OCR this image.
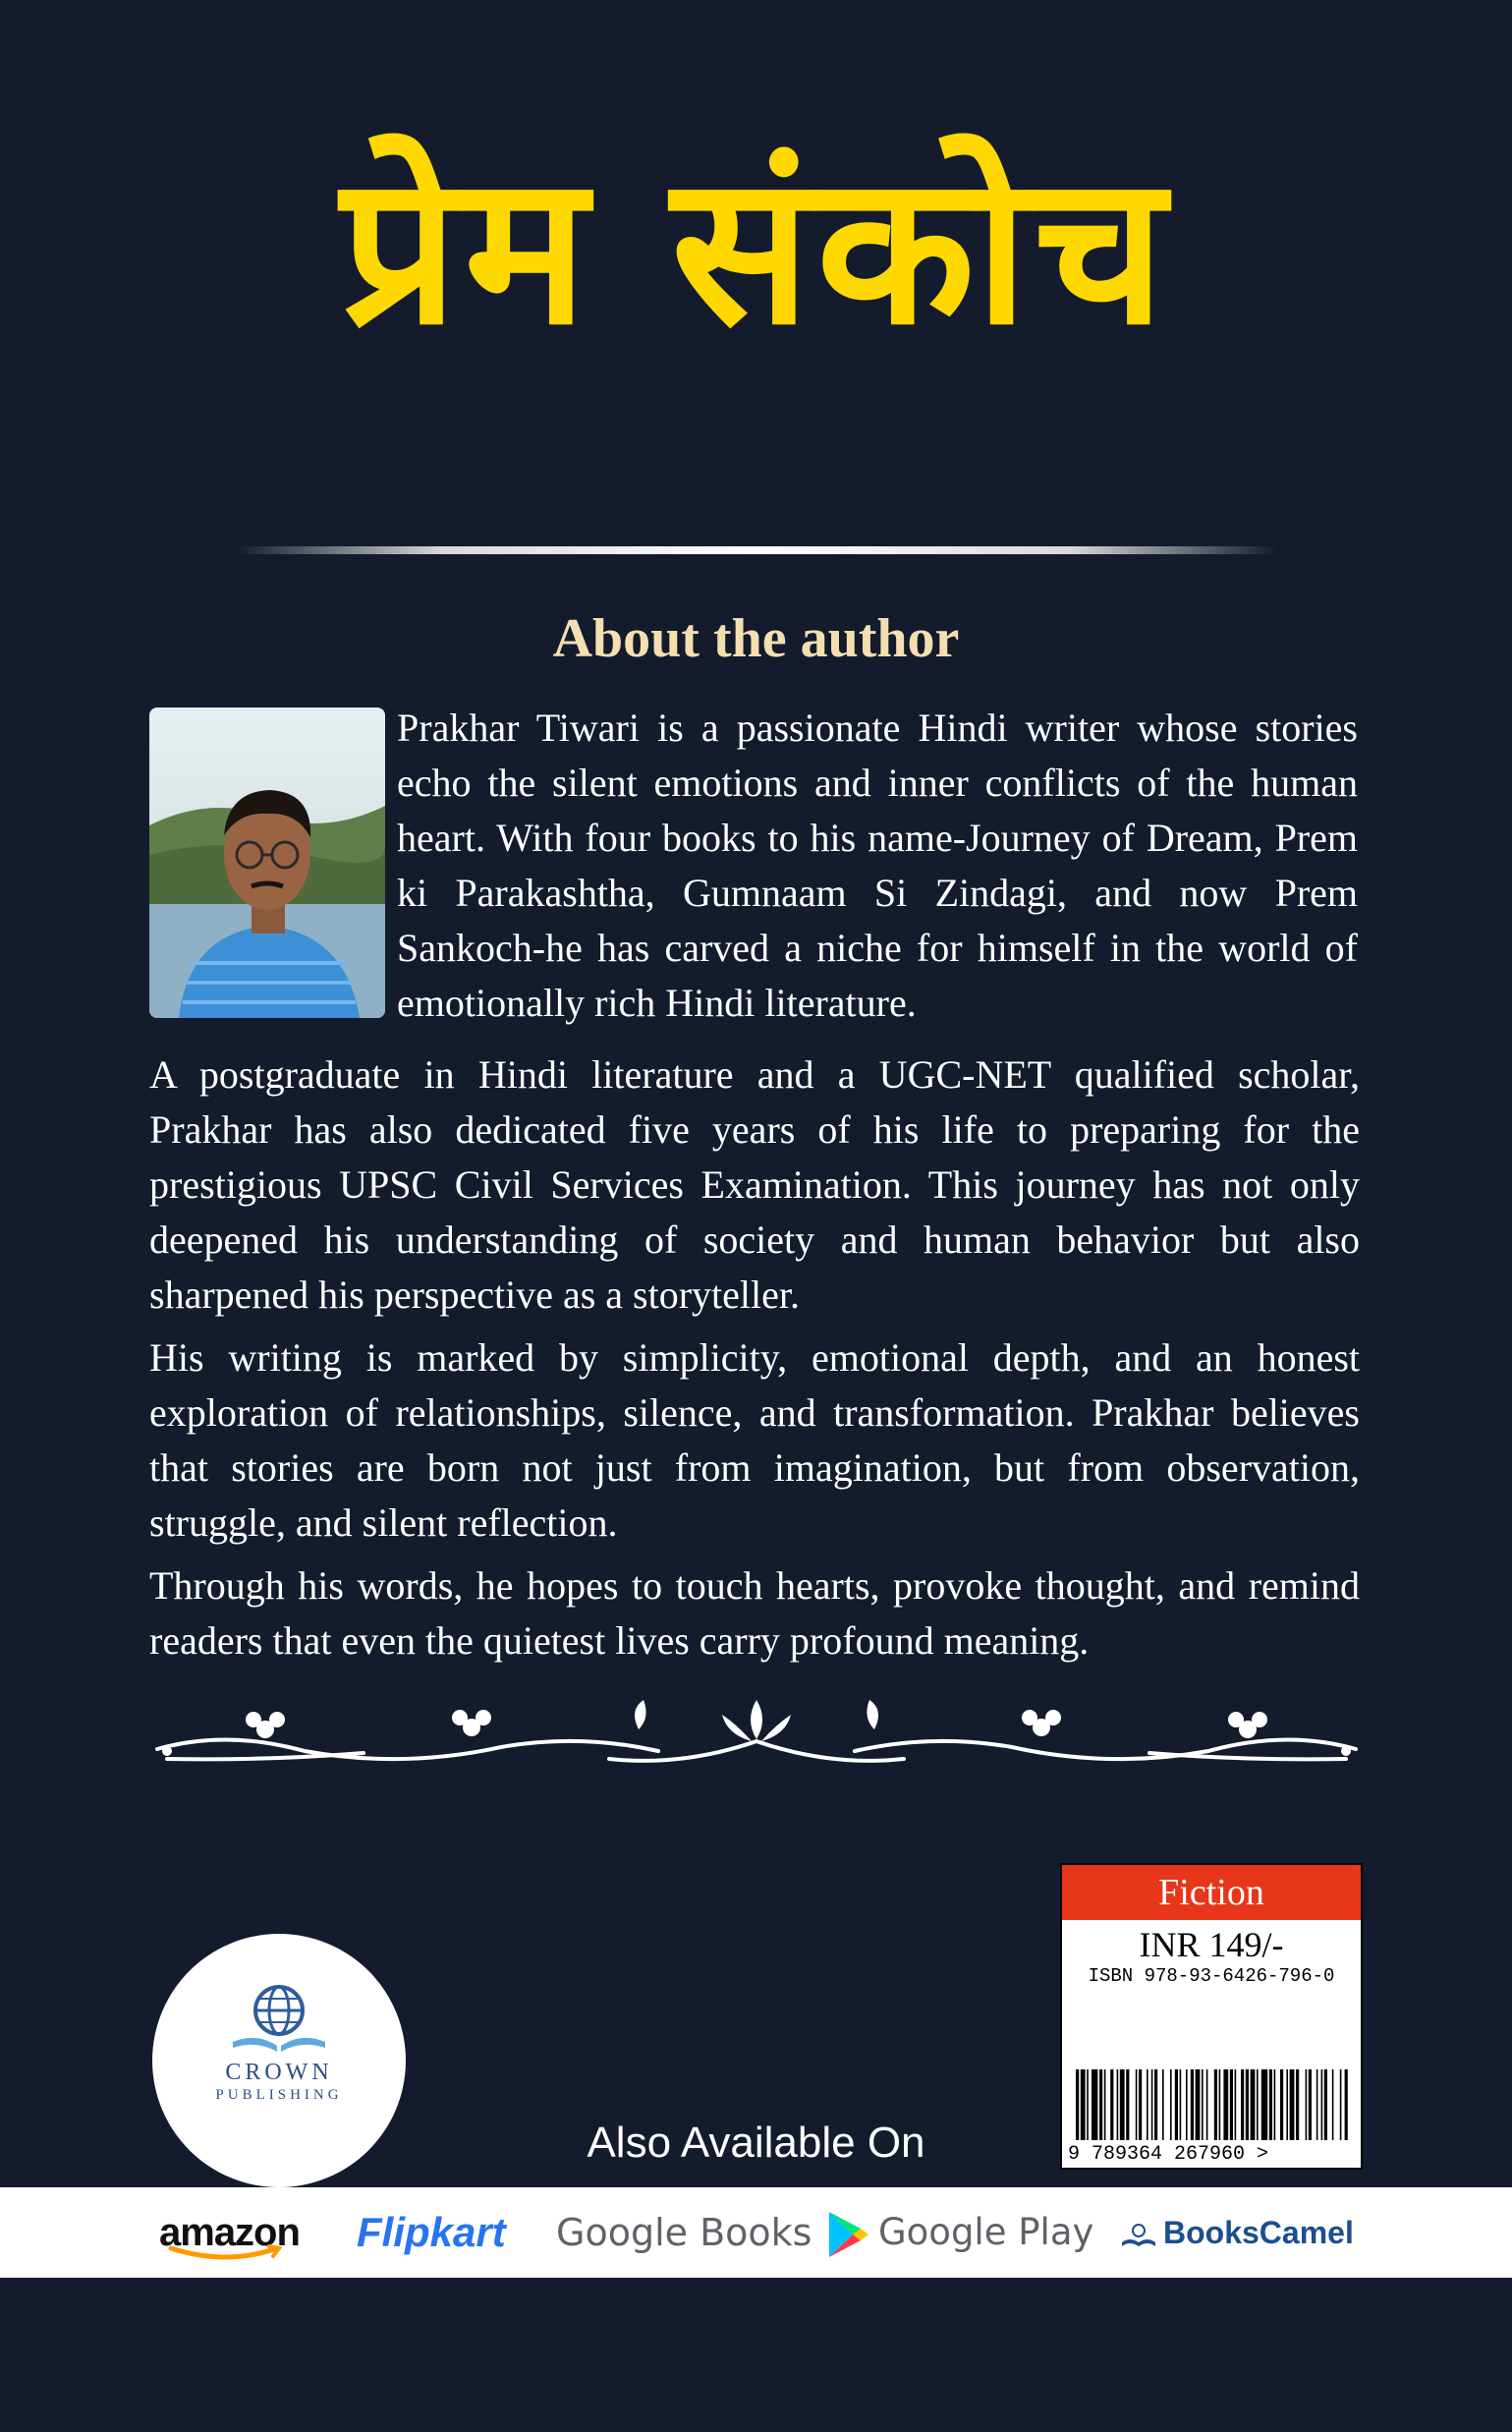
प्रेम संकोच
About the author

Prakhar Tiwari is a passionate Hindi writer whose stories echo the silent emotions and inner conflicts of the human heart. With four books to his name-Journey of Dream, Prem ki Parakashtha, Gumnaam Si Zindagi, and now Prem Sankoch-he has carved a niche for himself in the world of emotionally rich Hindi literature.

A postgraduate in Hindi literature and a UGC-NET qualified scholar, Prakhar has also dedicated five years of his life to preparing for the prestigious UPSC Civil Services Examination. This journey has not only deepened his understanding of society and human behavior but also sharpened his perspective as a storyteller.

His writing is marked by simplicity, emotional depth, and an honest exploration of relationships, silence, and transformation. Prakhar believes that stories are born not just from imagination, but from observation, struggle, and silent reflection.

Through his words, he hopes to touch hearts, provoke thought, and remind readers that even the quietest lives carry profound meaning.

Fiction
INR 149/-
ISBN 978-93-6426-796-0
9 789364 267960 >
CROWN
PUBLISHING
Also Available On
amazon Flipkart Google Books	Google Play	BooksCamel
